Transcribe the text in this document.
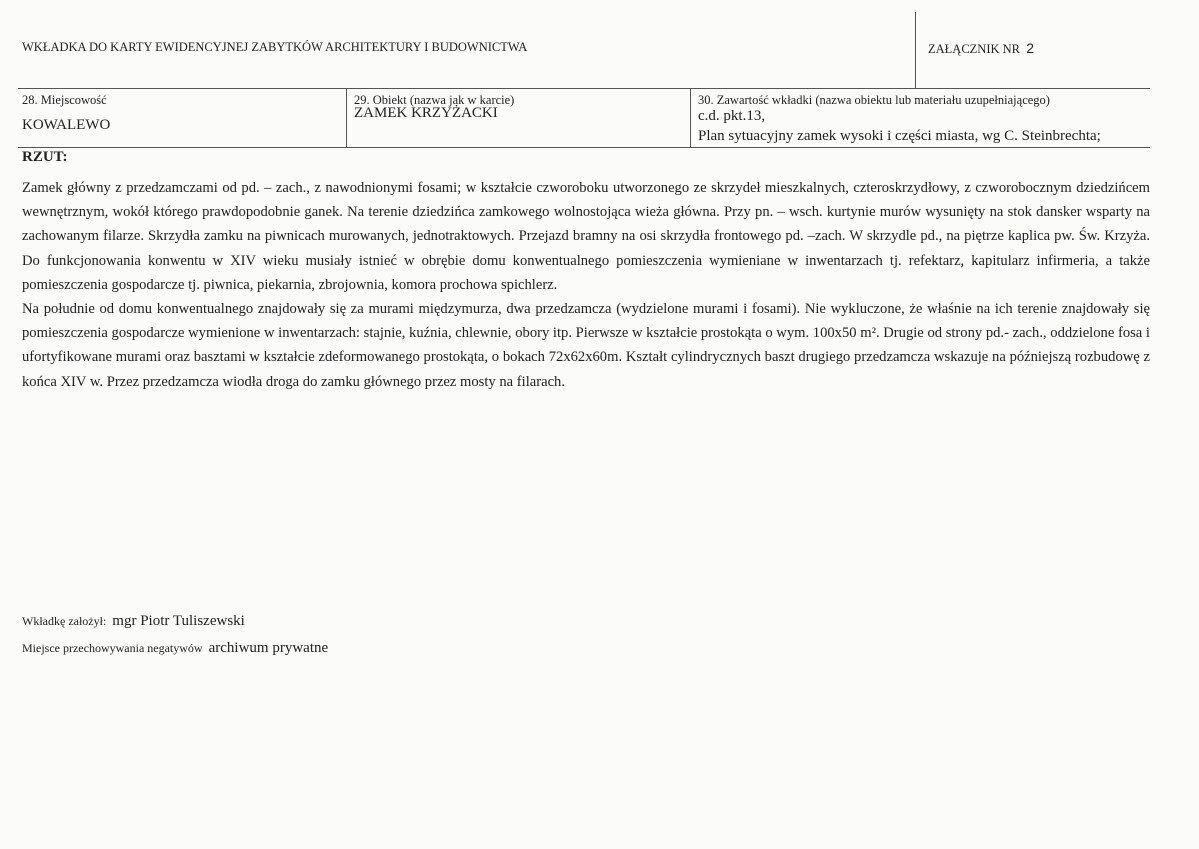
WKŁADKA DO KARTY EWIDENCYJNEJ ZABYTKÓW ARCHITEKTURY I BUDOWNICTWA	ZAŁĄCZNIK NR 2
28. Miejscowość
KOWALEWO
29. Obiekt (nazwa jak w karcie)
ZAMEK KRZYŻACKI
30. Zawartość wkładki (nazwa obiektu lub materiału uzupełniającego)
c.d. pkt.13,
Plan sytuacyjny zamek wysoki i części miasta, wg C. Steinbrechta;
RZUT:

Zamek główny z przedzamczami od pd. – zach., z nawodnionymi fosami; w kształcie czworoboku utworzonego ze skrzydeł mieszkalnych, czteroskrzydłowy, z czworobocznym dziedzińcem wewnętrznym, wokół którego prawdopodobnie ganek. Na terenie dziedzińca zamkowego wolnostojąca wieża główna. Przy pn. – wsch. kurtynie murów wysunięty na stok dansker wsparty na zachowanym filarze. Skrzydła zamku na piwnicach murowanych, jednotraktowych. Przejazd bramny na osi skrzydła frontowego pd. –zach. W skrzydle pd., na piętrze kaplica pw. Św. Krzyża. Do funkcjonowania konwentu w XIV wieku musiały istnieć w obrębie domu konwentualnego pomieszczenia wymieniane w inwentarzach tj. refektarz, kapitularz infirmeria, a także pomieszczenia gospodarcze tj. piwnica, piekarnia, zbrojownia, komora prochowa spichlerz.

Na południe od domu konwentualnego znajdowały się za murami międzymurza, dwa przedzamcza (wydzielone murami i fosami). Nie wykluczone, że właśnie na ich terenie znajdowały się pomieszczenia gospodarcze wymienione w inwentarzach: stajnie, kuźnia, chlewnie, obory itp. Pierwsze w kształcie prostokąta o wym. 100x50 m². Drugie od strony pd.- zach., oddzielone fosa i ufortyfikowane murami oraz basztami w kształcie zdeformowanego prostokąta, o bokach 72x62x60m. Kształt cylindrycznych baszt drugiego przedzamcza wskazuje na późniejszą rozbudowę z końca XIV w. Przez przedzamcza wiodła droga do zamku głównego przez mosty na filarach.

Wkładkę założył: mgr Piotr Tuliszewski
Miejsce przechowywania negatywów archiwum prywatne
